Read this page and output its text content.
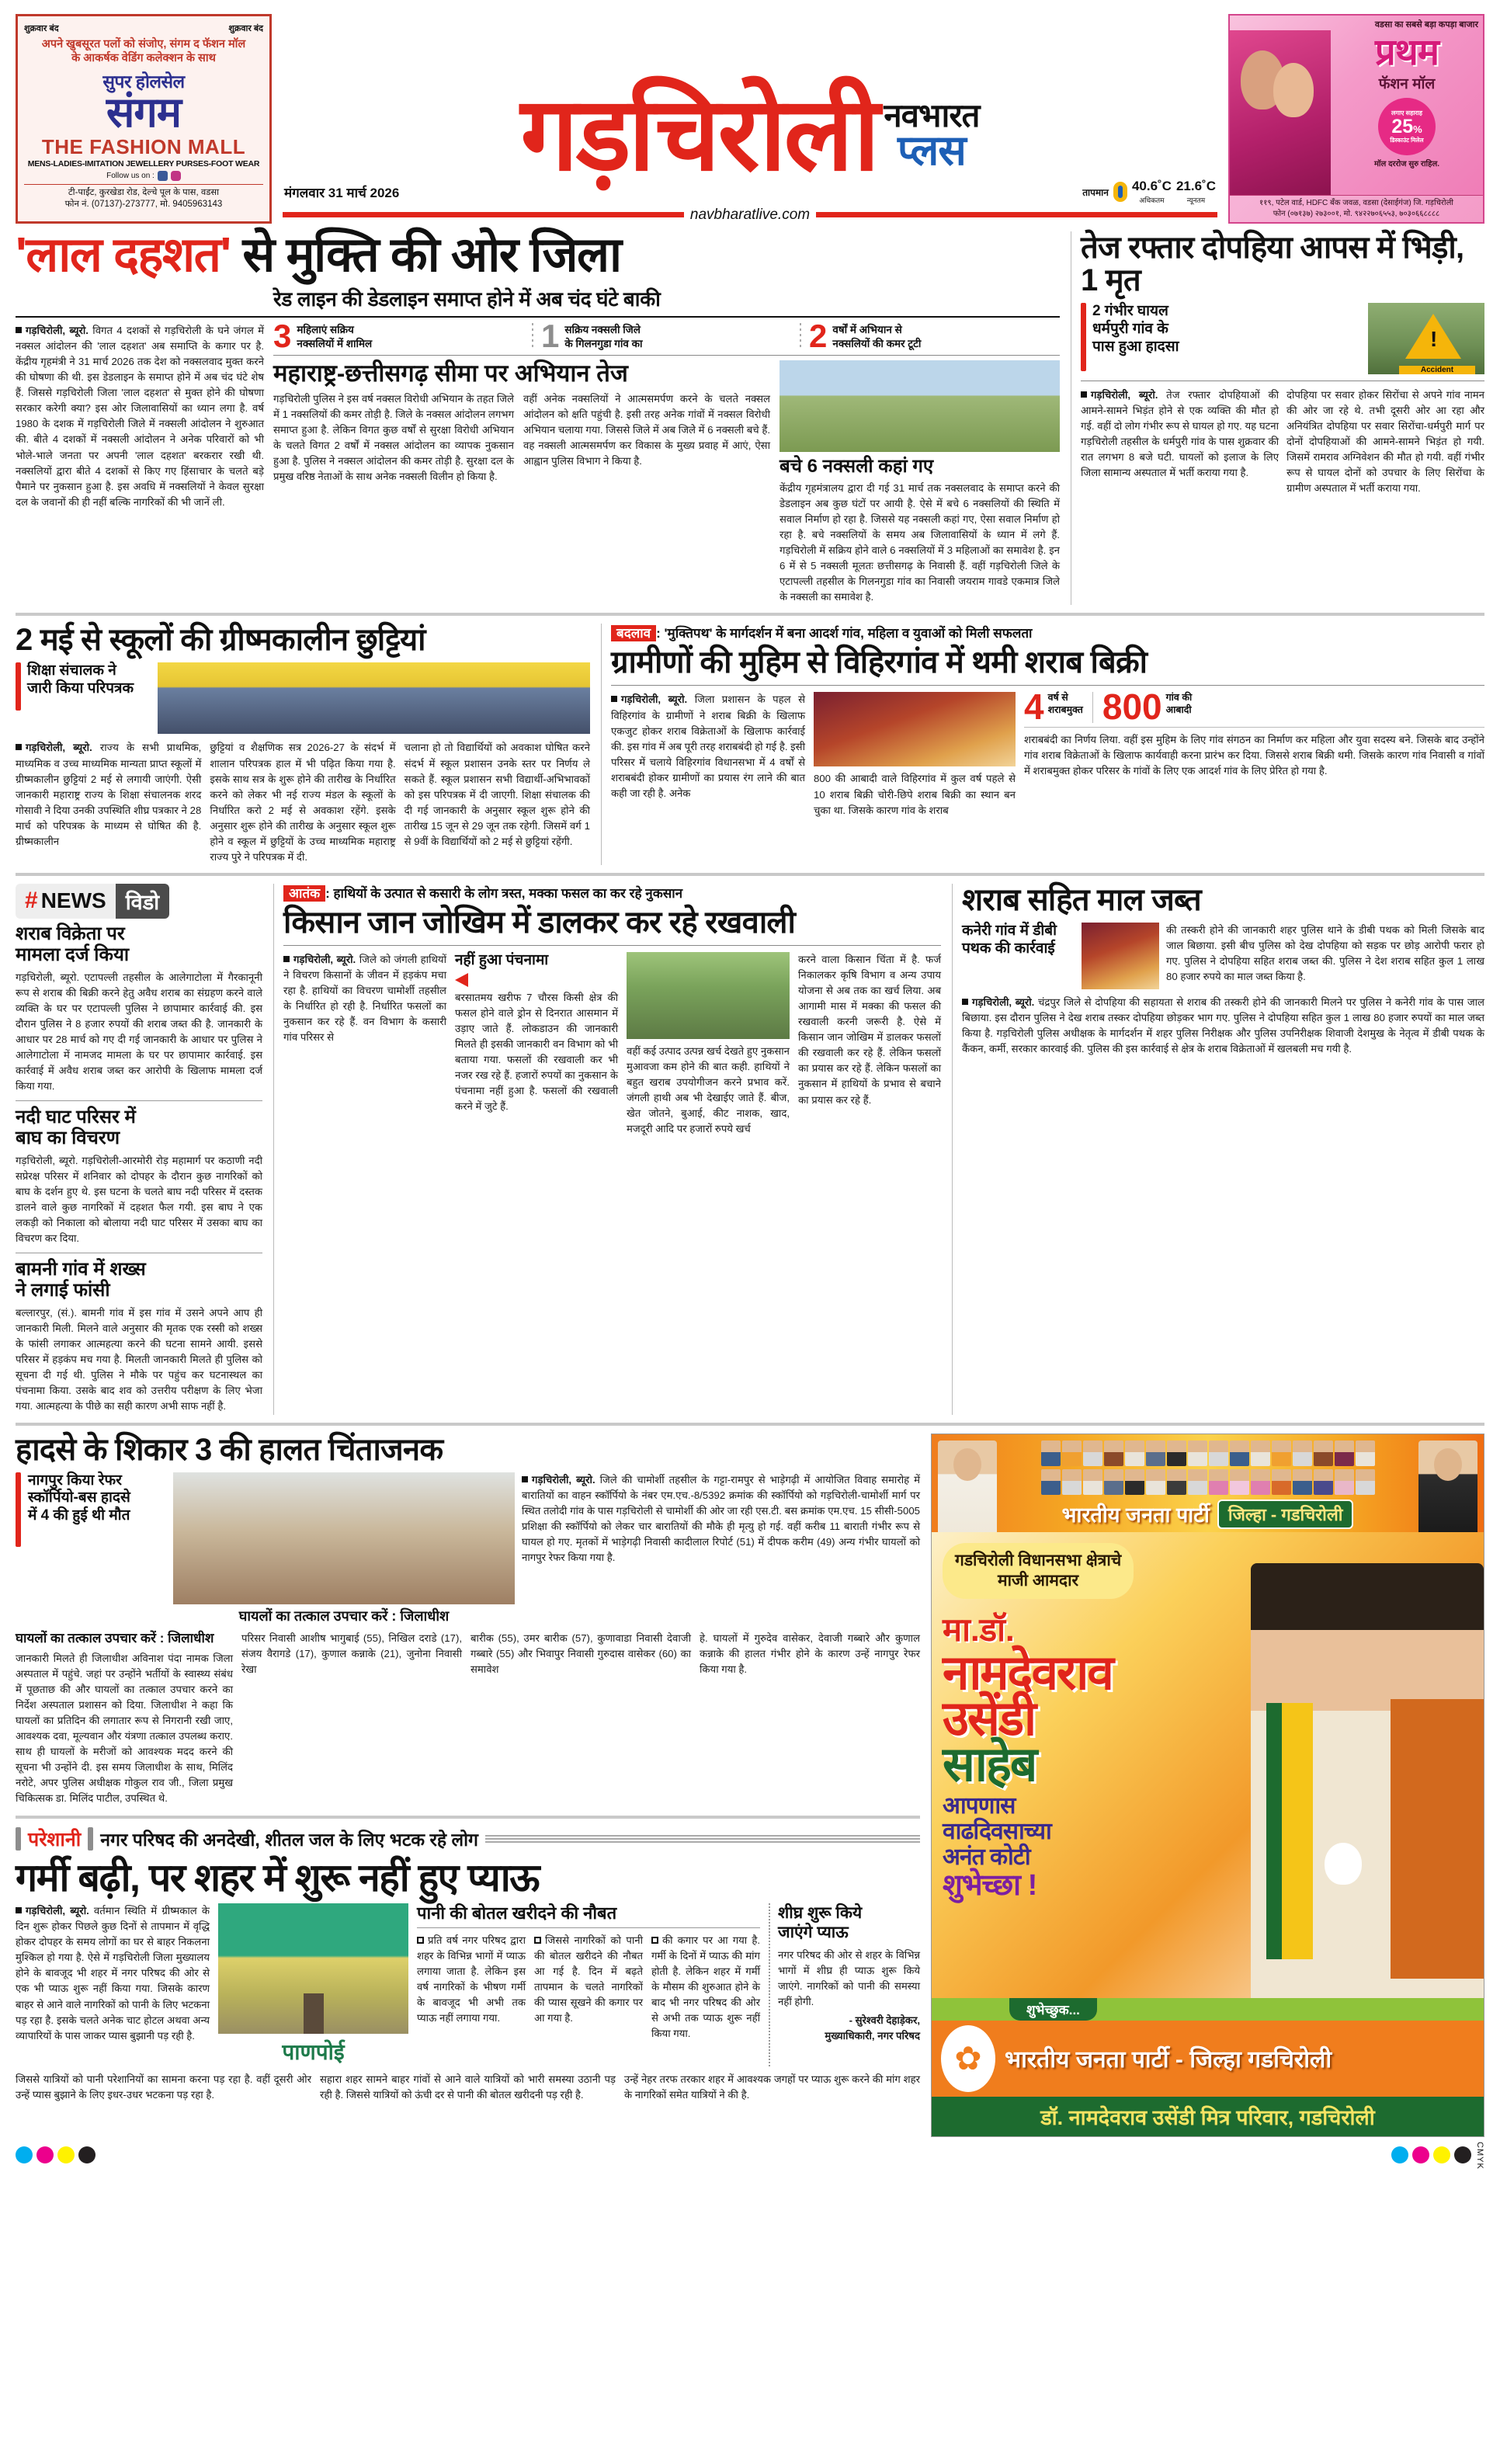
शुक्रवार बंद	शुक्रवार बंद
अपने खुबसूरत पलों को संजोए, संगम द फॅशन मॉल
के आकर्षक वेडिंग कलेक्शन के साथ
सुपर होलसेल
संगम
THE FASHION MALL
MENS-LADIES-IMITATION JEWELLERY PURSES-FOOT WEAR
Follow us on :
टी-पाईंट, कुरखेडा रोड, देल्चे पूल के पास, वडसा
फोन नं. (07137)-273777, मो. 9405963143
गड़चिरोली नवभारत
प्लस
मंगलवार 31 मार्च 2026	तापमान 40.6˚C
अधिकतम
21.6˚C
न्यूनतम
navbharatlive.com
वडसा का सबसे बड़ा कपड़ा बाजार
प्रथम
फॅशन मॉल
लगाए सहाराह
25%
डिस्काउंट मिलेल
मॉल दररोज सुरु राहिल.
११९, पटेल वार्ड, HDFC बँक जवळ, वडसा (देसाईगंज) जि. गड़चिरोली
फोन (०७१३७) २७३००१, मो. ९४२२७०६५५३, ७०३०६६८८८८
'लाल दहशत' से मुक्ति की ओर जिला
रेड लाइन की डेडलाइन समाप्त होने में अब चंद घंटे बाकी
गड़चिरोली, ब्यूरो. विगत 4 दशकों से गड़चिरोली के घने जंगल में नक्सल आंदोलन की 'लाल दहशत' अब समाप्ति के कगार पर है. केंद्रीय गृहमंत्री ने 31 मार्च 2026 तक देश को नक्सलवाद मुक्त करने की घोषणा की थी. इस डेडलाइन के समाप्त होने में अब चंद घंटे शेष हैं. जिससे गड़चिरोली जिला 'लाल दहशत' से मुक्त होने की घोषणा सरकार करेगी क्या? इस ओर जिलावासियों का ध्यान लगा है. वर्ष 1980 के दशक में गड़चिरोली जिले में नक्सली आंदोलन ने शुरुआत की. बीते 4 दशकों में नक्सली आंदोलन ने अनेक परिवारों को भी भोले-भाले जनता पर अपनी 'लाल दहशत' बरकरार रखी थी. नक्सलियों द्वारा बीते 4 दशकों से किए गए हिंसाचार के चलते बड़े पैमाने पर नुकसान हुआ है. इस अवधि में नक्सलियों ने केवल सुरक्षा दल के जवानों की ही नहीं बल्कि नागरिकों की भी जानें ली.
3 महिलाएं सक्रिय
नक्सलियों में शामिल	1 सक्रिय नक्सली जिले
के गिलनगुडा गांव का	2 वर्षों में अभियान से
नक्सलियों की कमर टूटी
महाराष्ट्र-छत्तीसगढ़ सीमा पर अभियान तेज
गड़चिरोली पुलिस ने इस वर्ष नक्सल विरोधी अभियान के तहत जिले में 1 नक्सलियों की कमर तोड़ी है. जिले के नक्सल आंदोलन लगभग समाप्त हुआ है. लेकिन विगत कुछ वर्षों से सुरक्षा विरोधी अभियान के चलते विगत 2 वर्षों में नक्सल आंदोलन का व्यापक नुकसान हुआ है. पुलिस ने नक्सल आंदोलन की कमर तोड़ी है. सुरक्षा दल के प्रमुख वरिष्ठ नेताओं के साथ अनेक नक्सली विलीन हो किया है.
वहीं अनेक नक्सलियों ने आत्मसमर्पण करने के चलते नक्सल आंदोलन को क्षति पहुंची है. इसी तरह अनेक गांवों में नक्सल विरोधी अभियान चलाया गया. जिससे जिले में अब जिलेे में 6 नक्सली बचे हैं. वह नक्सली आत्मसमर्पण कर विकास के मुख्य प्रवाह में आएं, ऐसा आह्वान पुलिस विभाग ने किया है.	बचे 6 नक्सली कहां गए
केंद्रीय गृहमंत्रालय द्वारा दी गई 31 मार्च तक नक्सलवाद के समाप्त करने की डेडलाइन अब कुछ घंटों पर आयी है. ऐसे में बचे 6 नक्सलियों की स्थिति में सवाल निर्माण हो रहा है. जिससे यह नक्सली कहां गए, ऐसा सवाल निर्माण हो रहा है. बचे नक्सलियों के समय अब जिलावासियों के ध्यान में लगे हैं. गड़चिरोली में सक्रिय होने वाले 6 नक्सलियों में 3 महिलाओं का समावेश है. इन 6 में से 5 नक्सली मूलतः छत्तीसगढ़ के निवासी हैं. वहीं गड़चिरोली जिले के एटापल्ली तहसील के गिलनगुडा गांव का निवासी जयराम गावडे एकमात्र जिले के नक्सली का समावेश है.
तेज रफ्तार दोपहिया आपस में भिड़ी, 1 मृत
2 गंभीर घायल
धर्मपुरी गांव के
पास हुआ हादसा	!
Accident
गड़चिरोली, ब्यूरो. तेज रफ्तार दोपहियाओं की आमने-सामने भिड़ंत होने से एक व्यक्ति की मौत हो गई. वहीं दो लोग गंभीर रूप से घायल हो गए. यह घटना गड़चिरोली तहसील के धर्मपुरी गांव के पास शुक्रवार की रात लगभग 8 बजे घटी. घायलों को इलाज के लिए जिला सामान्य अस्पताल में भर्ती कराया गया है.
दोपहिया पर सवार होकर सिरोंचा से अपने गांव नामन की ओर जा रहे थे. तभी दूसरी ओर आ रहा और अनियंत्रित दोपहिया पर सवार सिरोंचा-धर्मपुरी मार्ग पर दोनों दोपहियाओं की आमने-सामने भिड़ंत हो गयी. जिसमें रामराव अग्निवेशन की मौत हो गयी. वहीं गंभीर रूप से घायल दोनों को उपचार के लिए सिरोंचा के ग्रामीण अस्पताल में भर्ती कराया गया.
2 मई से स्कूलों की ग्रीष्मकालीन छुट्टियां
शिक्षा संचालक ने
जारी किया परिपत्रक
गड़चिरोली, ब्यूरो. राज्य के सभी प्राथमिक, माध्यमिक व उच्च माध्यमिक मान्यता प्राप्त स्कूलों में ग्रीष्मकालीन छुट्टियां 2 मई से लगायी जाएंगी. ऐसी जानकारी महाराष्ट्र राज्य के शिक्षा संचालनक शरद गोसावी ने दिया उनकी उपस्थिति शीघ्र पत्रकार ने 28 मार्च को परिपत्रक के माध्यम से घोषित की है. ग्रीष्मकालीन
छुट्टियां व शैक्षणिक सत्र 2026-27 के संदर्भ में शालान परिपत्रक हाल में भी पढ़ित किया गया है. इसके साथ सत्र के शुरू होने की तारीख के निर्धारित करने को लेकर भी नई राज्य मंडल के स्कूलों के निर्धारित करो 2 मई से अवकाश रहेंगे. इसके अनुसार शुरू होने की तारीख के अनुसार स्कूल शुरू होने व स्कूल में छुट्टियों के उच्च माध्यमिक महाराष्ट्र राज्य पुरे ने परिपत्रक में दी.
चलाना हो तो विद्यार्थियों को अवकाश घोषित करने संदर्भ में स्कूल प्रशासन उनके स्तर पर निर्णय ले सकते हैं. स्कूल प्रशासन सभी विद्यार्थी-अभिभावकों को इस परिपत्रक में दी जाएगी. शिक्षा संचालक की दी गई जानकारी के अनुसार स्कूल शुरू होने की तारीख 15 जून से 29 जून तक रहेगी. जिसमें वर्ग 1 से 9वीं के विद्यार्थियों को 2 मई से छुट्टियां रहेंगी.
बदलाव : 'मुक्तिपथ' के मार्गदर्शन में बना आदर्श गांव, महिला व युवाओं को मिली सफलता
ग्रामीणों की मुहिम से विहिरगांव में थमी शराब बिक्री
गड़चिरोली, ब्यूरो. जिला प्रशासन के पहल से विहिरगांव के ग्रामीणों ने शराब बिक्री के खिलाफ एकजुट होकर शराब विक्रेताओं के खिलाफ कार्रवाई की. इस गांव में अब पूरी तरह शराबबंदी हो गई है. इसी परिसर में चलाये विहिरगांव विधानसभा में 4 वर्षों से शराबबंदी होकर ग्रामीणों का प्रयास रंग लाने की बात कही जा रही है. अनेक
800 की आबादी वाले विहिरगांव में कुल वर्ष पहले से 10 शराब बिक्री चोरी-छिपे शराब बिक्री का स्थान बन चुका था. जिसके कारण गांव के शराब
4 वर्ष से
शराबमुक्त 800 गांव की
आबादी
शराबबंदी का निर्णय लिया. वहीं इस मुहिम के लिए गांव संगठन का निर्माण कर महिला और युवा सदस्य बने. जिसके बाद उन्होंने गांव शराब विक्रेताओं के खिलाफ कार्यवाही करना प्रारंभ कर दिया. जिससे शराब बिक्री थमी. जिसके कारण गांव निवासी व गांवों में शराबमुक्त होकर परिसर के गांवों के लिए एक आदर्श गांव के लिए प्रेरित हो गया है.
# NEWS विडो
शराब विक्रेता पर
मामला दर्ज किया
गड़चिरोली, ब्यूरो. एटापल्ली तहसील के आलेगाटोला में गैरकानूनी रूप से शराब की बिक्री करने हेतु अवैध शराब का संग्रहण करने वाले व्यक्ति के घर पर एटापल्ली पुलिस ने छापामार कार्रवाई की. इस दौरान पुलिस ने 8 हजार रुपयों की शराब जब्त की है. जानकारी के आधार पर 28 मार्च को गए दी गई जानकारी के आधार पर पुलिस ने आलेगाटोला में नामजद मामला के घर पर छापामार कार्रवाई. इस कार्रवाई में अवैध शराब जब्त कर आरोपी के खिलाफ मामला दर्ज किया गया.
नदी घाट परिसर में
बाघ का विचरण
गड़चिरोली, ब्यूरो. गड़चिरोली-आरमोरी रोड़ महामार्ग पर कठाणी नदी सप्रेरक्ष परिसर में शनिवार को दोपहर के दौरान कुछ नागरिकों को बाघ के दर्शन हुए थे. इस घटना के चलते बाघ नदी परिसर में दस्तक डालने वाले कुछ नागरिकों में दहशत फैल गयी. इस बाघ ने एक लकड़ी को निकाला को बोलाया नदी घाट परिसर में उसका बाघ का विचरण कर दिया.
बामनी गांव में शख्स
ने लगाई फांसी
बल्लारपुर, (सं.). बामनी गांव में इस गांव में उसने अपने आप ही जानकारी मिली. मिलने वाले अनुसार की मृतक एक रस्सी को शख्स के फांसी लगाकर आत्महत्या करने की घटना सामने आयी. इससे परिसर में हड़कंप मच गया है. मिलती जानकारी मिलते ही पुलिस को सूचना दी गई थी. पुलिस ने मौके पर पहुंच कर घटनास्थल का पंचनामा किया. उसके बाद शव को उत्तरीय परीक्षण के लिए भेजा गया. आत्महत्या के पीछे का सही कारण अभी साफ नहीं है.
आतंक : हाथियों के उत्पात से कसारी के लोग त्रस्त, मक्का फसल का कर रहे नुकसान
किसान जान जोखिम में डालकर कर रहे रखवाली
गड़चिरोली, ब्यूरो. जिले को जंगली हाथियों ने विचरण किसानों के जीवन में हड़कंप मचा रहा है. हाथियों का विचरण चामोर्शी तहसील के निर्धारित हो रही है. निर्धारित फसलों का नुकसान कर रहे हैं. वन विभाग के कसारी गांव परिसर से
नहीं हुआ पंचनामा
बरसातमय खरीफ 7 चौरस किसी क्षेत्र की फसल होने वाले ड्रोन से दिनरात आसमान में उड़ाए जाते हैं. लोकडाउन की जानकारी मिलते ही इसकी जानकारी वन विभाग को भी बताया गया. फसलों की रखवाली कर भी नजर रख रहे हैं. हजारों रुपयों का नुकसान के पंचनामा नहीं हुआ है. फसलों की रखवाली करने में जुटे हैं.
वहीं कई उत्पाद उत्पन्न खर्च देखते हुए नुकसान मुआवजा कम होने की बात कही. हाथियों ने बहुत खराब उपयोगीजन करने प्रभाव करें. जंगली हाथी अब भी देखाईए जाते हैं. बीज, खेत जोतने, बुआई, कीट नाशक, खाद, मजदूरी आदि पर हजारों रुपये खर्च
करने वाला किसान चिंता में है. फर्ज निकालकर कृषि विभाग व अन्य उपाय योजना से अब तक का खर्च लिया. अब आगामी मास में मक्का की फसल की रखवाली करनी जरूरी है. ऐसे में किसान जान जोखिम में डालकर फसलों की रखवाली कर रहे हैं. लेकिन फसलों का प्रयास कर रहे हैं. लेकिन फसलों का नुकसान में हाथियों के प्रभाव से बचाने का प्रयास कर रहे हैं.
शराब सहित माल जब्त
कनेरी गांव में डीबी
पथक की कार्रवाई
की तस्करी होने की जानकारी शहर पुलिस थाने के डीबी पथक को मिली जिसके बाद जाल बिछाया. इसी बीच पुलिस को देख दोपहिया को सड़क पर छोड़ आरोपी फरार हो गए. पुलिस ने दोपहिया सहित शराब जब्त की. पुलिस ने देश शराब सहित कुल 1 लाख 80 हजार रुपये का माल जब्त किया है.
गड़चिरोली, ब्यूरो. चंद्रपुर जिले से दोपहिया की सहायता से शराब की तस्करी होने की जानकारी मिलने पर पुलिस ने कनेरी गांव के पास जाल बिछाया. इस दौरान पुलिस ने देख शराब तस्कर दोपहिया छोड़कर भाग गए. पुलिस ने दोपहिया सहित कुल 1 लाख 80 हजार रुपयों का माल जब्त किया है. गड़चिरोली पुलिस अधीक्षक के मार्गदर्शन में शहर पुलिस निरीक्षक और पुलिस उपनिरीक्षक शिवाजी देशमुख के नेतृत्व में डीबी पथक के कैंकन, कर्मी, सरकार कारवाई की. पुलिस की इस कार्रवाई से क्षेत्र के शराब विक्रेताओं में खलबली मच गयी है.
हादसे के शिकार 3 की हालत चिंताजनक
नागपुर किया रेफर
स्कॉर्पियो-बस हादसे
में 4 की हुई थी मौत
घायलों का तत्काल उपचार करें : जिलाधीश
गड़चिरोली, ब्यूरो. जिले की चामोर्शी तहसील के गट्टा-रामपुर से भाड़ेगढ़ी में आयोजित विवाह समारोह में बारातियों का वाहन स्कॉर्पियो के नंबर एम.एच.-8/5392 क्रमांक की स्कॉर्पियो को गड़चिरोली-चामोर्शी मार्ग पर स्थित तलोदी गांव के पास गड़चिरोली से चामोर्शी की ओर जा रही एस.टी. बस क्रमांक एम.एच. 15 सीसी-5005 प्रशिक्षा की स्कॉर्पियो को लेकर चार बारातियों की मौके ही मृत्यु हो गई. वहीं करीब 11 बाराती गंभीर रूप से घायल हो गए. मृतकों में भाड़ेगढ़ी निवासी कादीलाल रिपोर्ट (51) में दीपक करीम (49) अन्य गंभीर घायलों को नागपुर रेफर किया गया है.
घायलों का तत्काल उपचार करें : जिलाधीश
जानकारी मिलते ही जिलाधीश अविनाश पंदा नामक जिला अस्पताल में पहुंचे. जहां पर उन्होंने भर्तीयों के स्वास्थ्य संबंध में पूछताछ की और घायलों का तत्काल उपचार करने का निर्देश अस्पताल प्रशासन को दिया. जिलाधीश ने कहा कि घायलों का प्रतिदिन की लगातार रूप से निगरानी रखी जाए, आवश्यक दवा, मूल्यवान और यंत्रणा तत्काल उपलब्ध कराए. साथ ही घायलों के मरीजों को आवश्यक मदद करने की सूचना भी उन्होंने दी. इस समय जिलाधीश के साथ, मिलिंद नरोटे, अपर पुलिस अधीक्षक गोकुल राव जी., जिला प्रमुख चिकित्सक डा. मिलिंद पाटील, उपस्थित थे.
परिसर निवासी आशीष भागुबाई (55), निखिल दराडे (17), संजय वैरागडे (17), कुणाल कन्नाके (21), जुनोना निवासी रेखा
बारीक (55), उमर बारीक (57), कुणावाडा निवासी देवाजी गब्बारे (55) और भिवापुर निवासी गुरुदास वासेकर (60) का समावेश
हे. घायलों में गुरुदेव वासेकर, देवाजी गब्बारे और कुणाल कन्नाके की हालत गंभीर होने के कारण उन्हें नागपुर रेफर किया गया है.
परेशानी नगर परिषद की अनदेखी, शीतल जल के लिए भटक रहे लोग
गर्मी बढ़ी, पर शहर में शुरू नहीं हुए प्याऊ
गड़चिरोली, ब्यूरो. वर्तमान स्थिति में ग्रीष्मकाल के दिन शुरू होकर पिछले कुछ दिनों से तापमान में वृद्धि होकर दोपहर के समय लोगों का घर से बाहर निकलना मुश्किल हो गया है. ऐसे में गड़चिरोली जिला मुख्यालय होने के बावजूद भी शहर में नगर परिषद की ओर से एक भी प्याऊ शुरू नहीं किया गया. जिसके कारण बाहर से आने वाले नागरिकों को पानी के लिए भटकना पड़ रहा है. इसके चलते अनेक चाट होटल अथवा अन्य व्यापारियों के पास जाकर प्यास बुझानी पड़ रही है.
पाणपोई
पानी की बोतल खरीदने की नौबत
प्रति वर्ष नगर परिषद द्वारा शहर के विभिन्न भागों में प्याऊ लगाया जाता है. लेकिन इस वर्ष नागरिकों के भीषण गर्मी के बावजूद भी अभी तक प्याऊ नहीं लगाया गया.
जिससे नागरिकों को पानी की बोतल खरीदने की नौबत आ गई है. दिन में बढ़ते तापमान के चलते नागरिकों की प्यास सूखने की कगार पर आ गया है.
की कगार पर आ गया है. गर्मी के दिनों में प्याऊ की मांग होती है. लेकिन शहर में गर्मी के मौसम की शुरुआत होने के बाद भी नगर परिषद की ओर से अभी तक प्याऊ शुरू नहीं किया गया.
शीघ्र शुरू किये
जाएंगे प्याऊ
नगर परिषद की ओर से शहर के विभिन्न भागों में शीघ्र ही प्याऊ शुरू किये जाएंगे. नागरिकों को पानी की समस्या नहीं होगी.
- सुरेश्वरी देहाड़ेकर,
मुख्याधिकारी, नगर परिषद
जिससे यात्रियों को पानी परेशानियों का सामना करना पड़ रहा है. वहीं दूसरी ओर उन्हें प्यास बुझाने के लिए इधर-उधर भटकना पड़ रहा है.
सहारा शहर सामने बाहर गांवों से आने वाले यात्रियों को भारी समस्या उठानी पड़ रही है. जिससे यात्रियों को ऊंची दर से पानी की बोतल खरीदनी पड़ रही है.
उन्हें नेहर तरफ तरकार शहर में आवश्यक जगहों पर प्याऊ शुरू करने की मांग शहर के नागरिकों समेत यात्रियों ने की है.
भारतीय जनता पार्टी	जिल्हा - गडचिरोली
गडचिरोली विधानसभा क्षेत्राचे
माजी आमदार
मा.डॉ.
नामदेवराव
उसेंडी
साहेब
आपणास
वाढदिवसाच्या
अनंत कोटी
शुभेच्छा !
शुभेच्छुक...
✿ भारतीय जनता पार्टी - जिल्हा गडचिरोली
डॉ. नामदेवराव उसेंडी मित्र परिवार, गडचिरोली
CMYK
